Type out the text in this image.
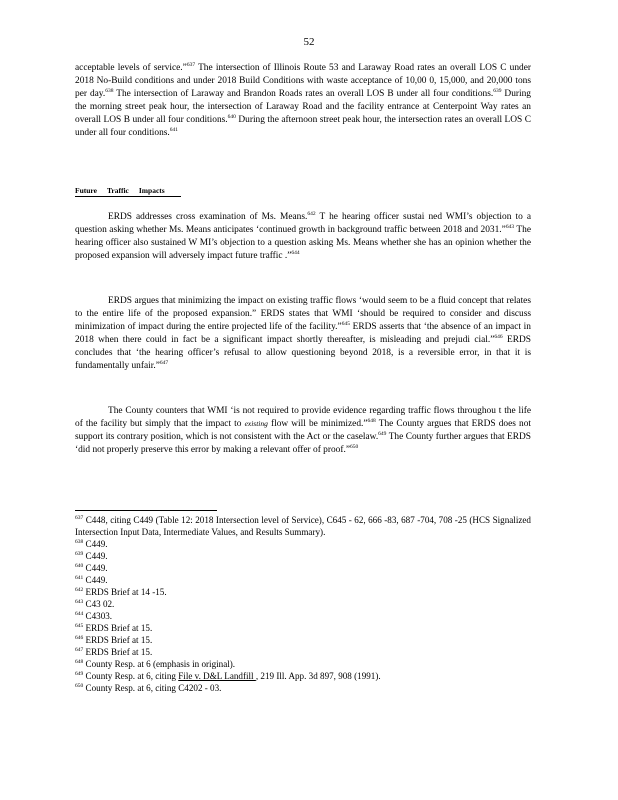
52

acceptable levels of service.”$^{637}$ The intersection of Illinois Route 53 and Laraway Road rates an overall LOS C under 2018 No-Build conditions and under 2018 Build Conditions with waste acceptance of 10,00 0, 15,000, and 20,000 tons per day.$^{638}$ The intersection of Laraway and Brandon Roads rates an overall LOS B under all four conditions.$^{639}$ During the morning street peak hour, the intersection of Laraway Road and the facility entrance at Centerpoint Way rates an overall LOS B under all four conditions.$^{640}$ During the afternoon street peak hour, the intersection rates an overall LOS C under all four conditions.$^{641}$

Future Traffic Impacts

ERDS addresses cross examination of Ms. Means.$^{642}$ T he hearing officer sustai ned WMI’s objection to a question asking whether Ms. Means anticipates ‘continued growth in background traffic between 2018 and 2031.”$^{643}$ The hearing officer also sustained W MI’s objection to a question asking Ms. Means whether she has an opinion whether the proposed expansion will adversely impact future traffic .”$^{644}$

ERDS argues that minimizing the impact on existing traffic flows ‘would seem to be a fluid concept that relates to the entire life of the proposed expansion.” ERDS states that WMI ‘should be required to consider and discuss minimization of impact during the entire projected life of the facility.”$^{645}$ ERDS asserts that ‘the absence of an impact in 2018 when there could in fact be a significant impact shortly thereafter, is misleading and prejudi cial.”$^{646}$ ERDS concludes that ‘the hearing officer’s refusal to allow questioning beyond 2018, is a reversible error, in that it is fundamentally unfair.”$^{647}$

The County counters that WMI ‘is not required to provide evidence regarding traffic flows throughou t the life of the facility but simply that the impact to existing flow will be minimized.”$^{648}$ The County argues that ERDS does not support its contrary position, which is not consistent with the Act or the caselaw.$^{649}$ The County further argues that ERDS ‘did not properly preserve this error by making a relevant offer of proof.”$^{650}$

$^{637}$ C448, citing C449 (Table 12: 2018 Intersection level of Service), C645 - 62, 666 -83, 687 -704, 708 -25 (HCS Signalized Intersection Input Data, Intermediate Values, and Results Summary).
$^{638}$ C449.
$^{639}$ C449.
$^{640}$ C449.
$^{641}$ C449.
$^{642}$ ERDS Brief at 14 -15.
$^{643}$ C43 02.
$^{644}$ C4303.
$^{645}$ ERDS Brief at 15.
$^{646}$ ERDS Brief at 15.
$^{647}$ ERDS Brief at 15.
$^{648}$ County Resp. at 6 (emphasis in original).
$^{649}$ County Resp. at 6, citing File v. D&L Landfill , 219 Ill. App. 3d 897, 908 (1991).
$^{650}$ County Resp. at 6, citing C4202 - 03.
